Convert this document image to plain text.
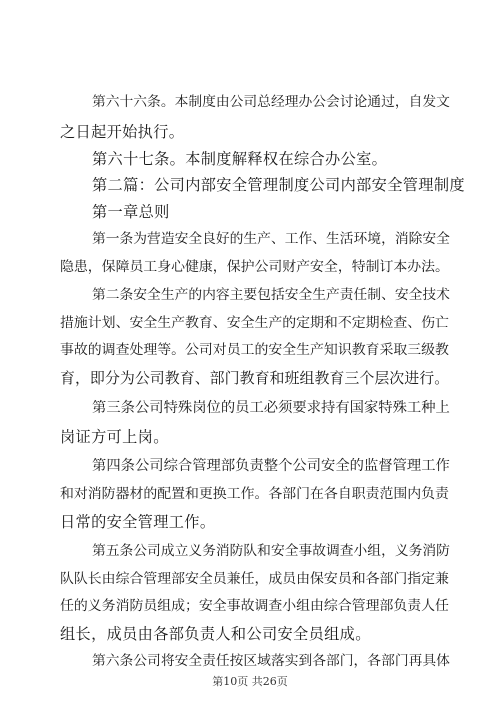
第六十六条。本制度由公司总经理办公会讨论通过，自发文
之日起开始执行。
第六十七条。本制度解释权在综合办公室。
第二篇：公司内部安全管理制度公司内部安全管理制度
第一章总则
第一条为营造安全良好的生产、工作、生活环境，消除安全
隐患，保障员工身心健康，保护公司财产安全，特制订本办法。
第二条安全生产的内容主要包括安全生产责任制、安全技术
措施计划、安全生产教育、安全生产的定期和不定期检查、伤亡
事故的调查处理等。公司对员工的安全生产知识教育采取三级教
育，即分为公司教育、部门教育和班组教育三个层次进行。
第三条公司特殊岗位的员工必须要求持有国家特殊工种上
岗证方可上岗。
第四条公司综合管理部负责整个公司安全的监督管理工作
和对消防器材的配置和更换工作。各部门在各自职责范围内负责
日常的安全管理工作。
第五条公司成立义务消防队和安全事故调查小组，义务消防
队队长由综合管理部安全员兼任，成员由保安员和各部门指定兼
任的义务消防员组成；安全事故调查小组由综合管理部负责人任
组长，成员由各部负责人和公司安全员组成。
第六条公司将安全责任按区域落实到各部门，各部门再具体
第10页 共26页
